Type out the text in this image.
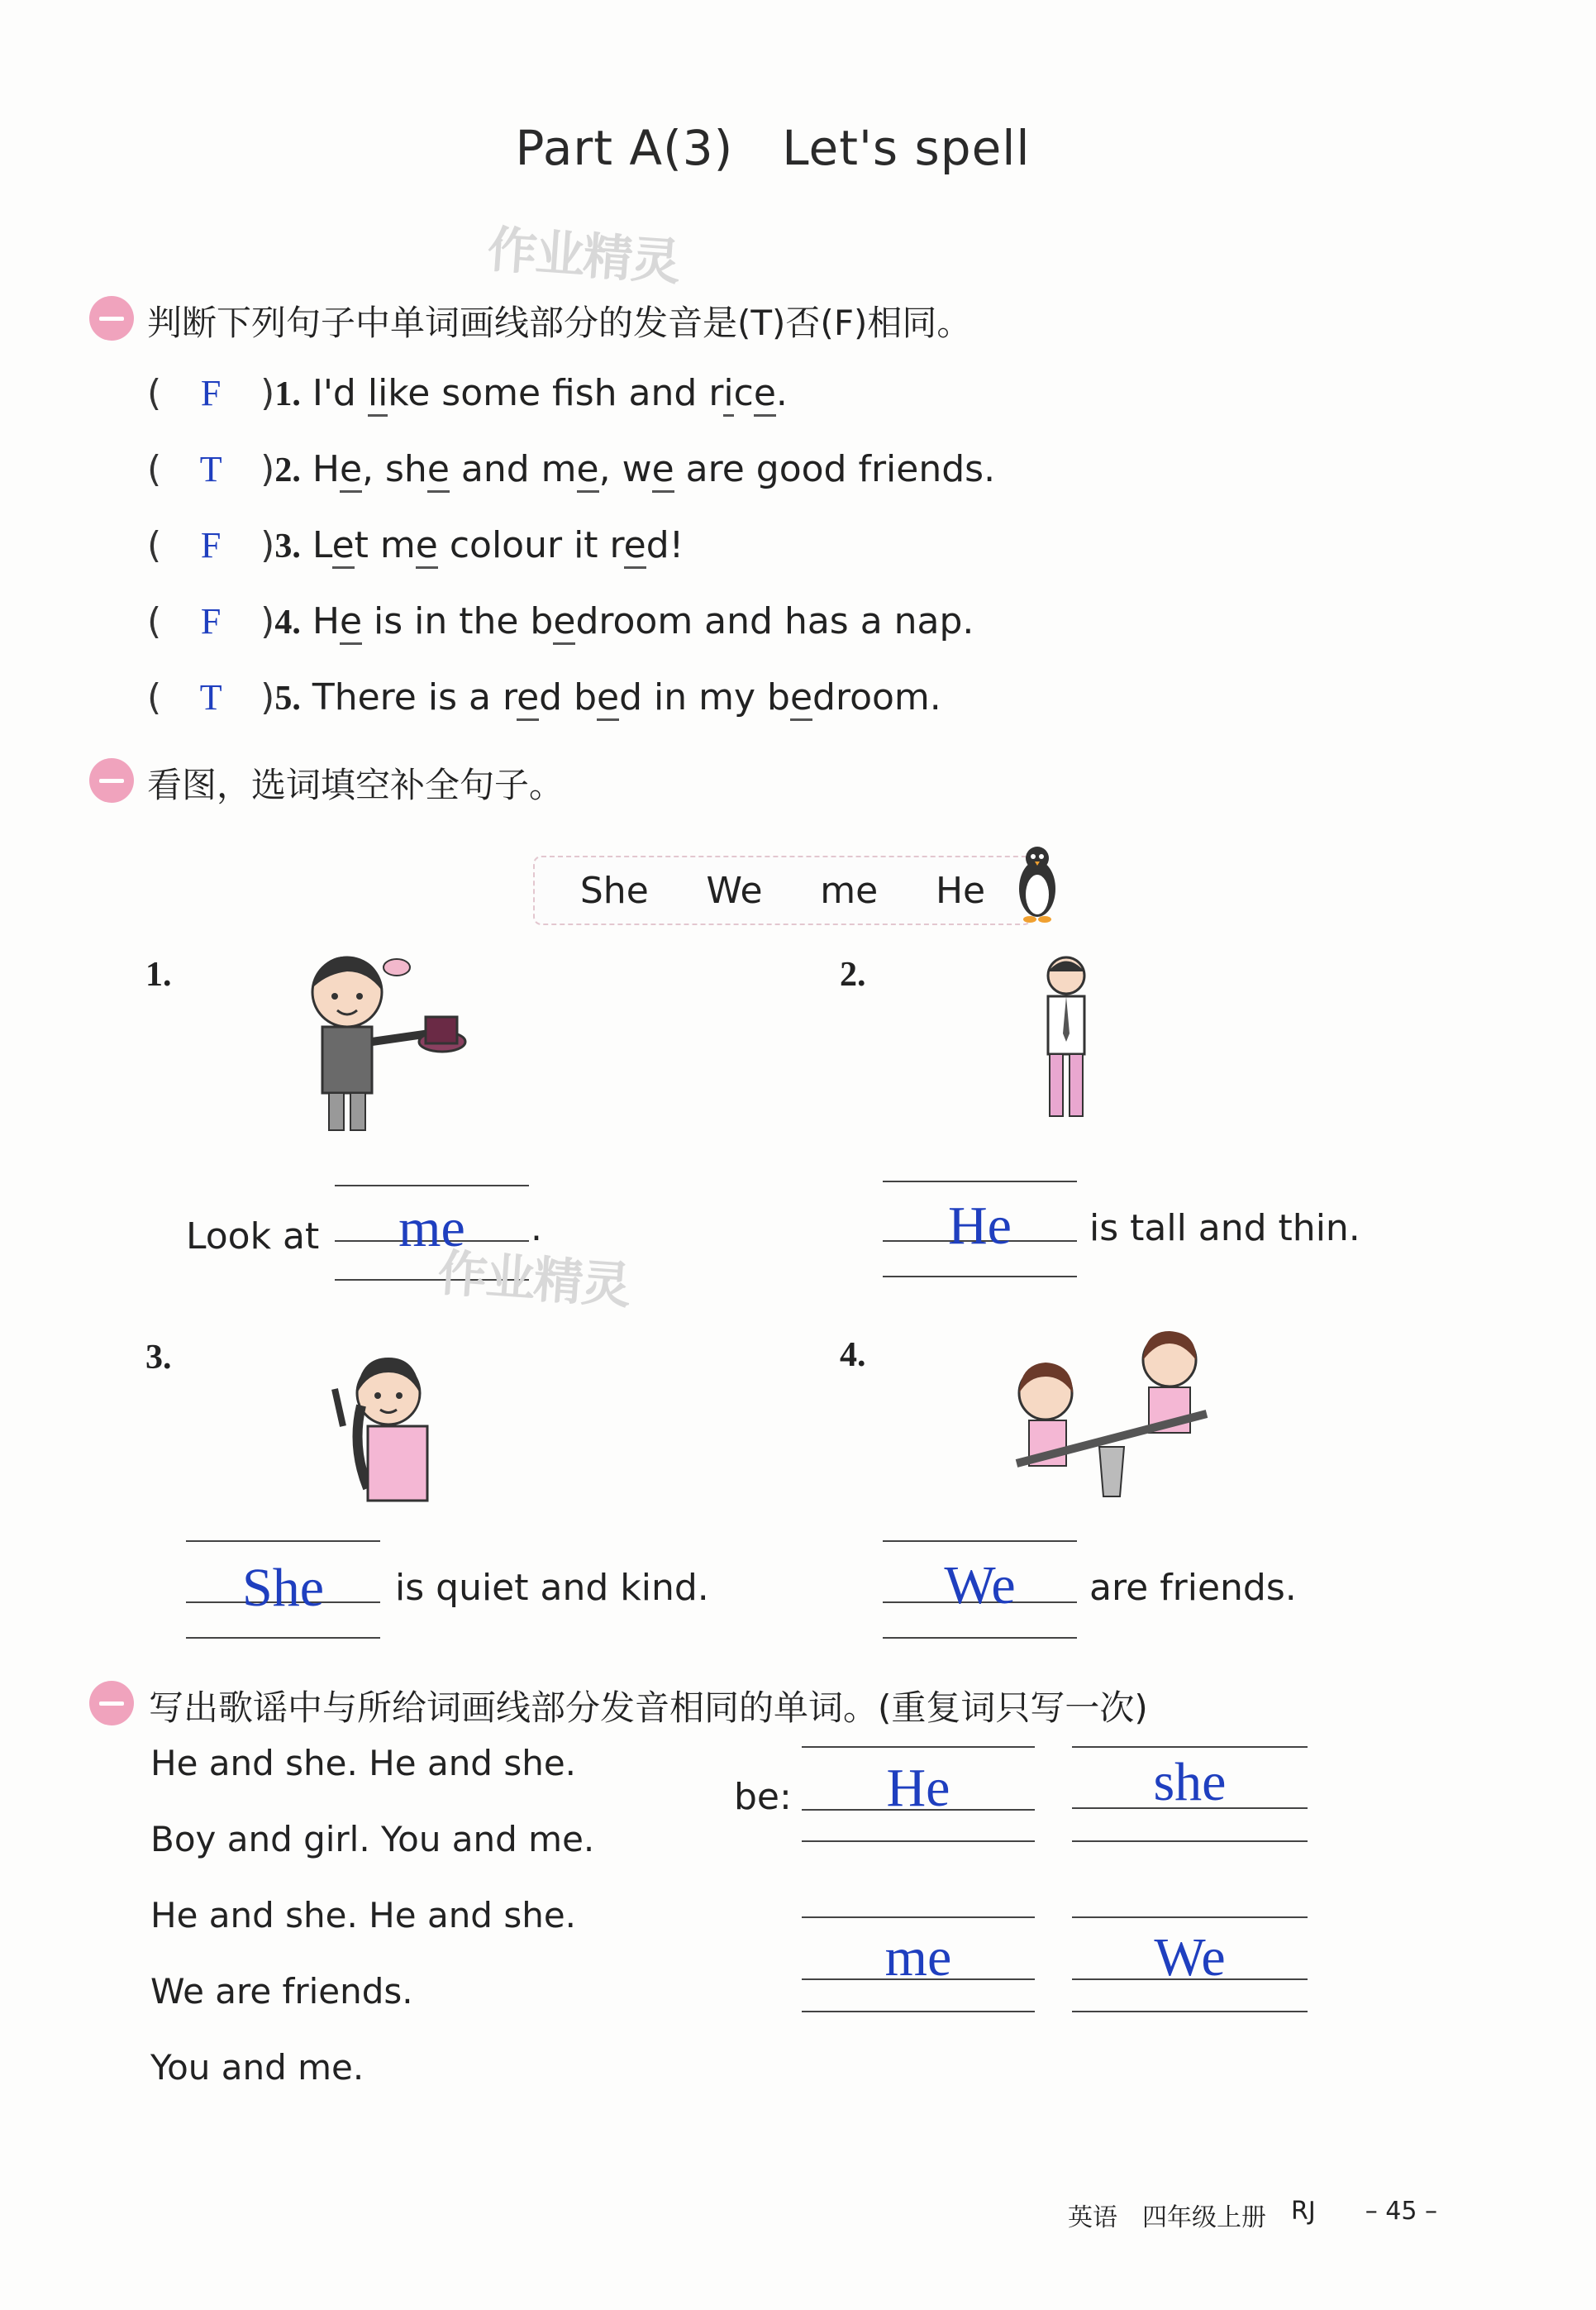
Part A(3)　Let's spell
作业精灵
判断下列句子中单词画线部分的发音是(T)否(F)相同。
( F )1. I'd like some fsh and rice.
( T )2. He, she and me, we are good friends.
( F )3. Let me colour it red!
( F )4. He is in the bedroom and has a nap.
( T )5. There is a red bed in my bedroom.
看图，选词填空补全句子。
She We me He
1.
Look at	me	.
作业精灵
2.
He	is tall and thin.
3.
She	is quiet and kind.
4.
We	are friends.
写出歌谣中与所给词画线部分发音相同的单词。(重复词只写一次)
He and she. He and she.
Boy and girl. You and me.
He and she. He and she.
We are friends.
You and me.
be:	He	she
me	We
英语 四年级上册 RJ – 45 –
